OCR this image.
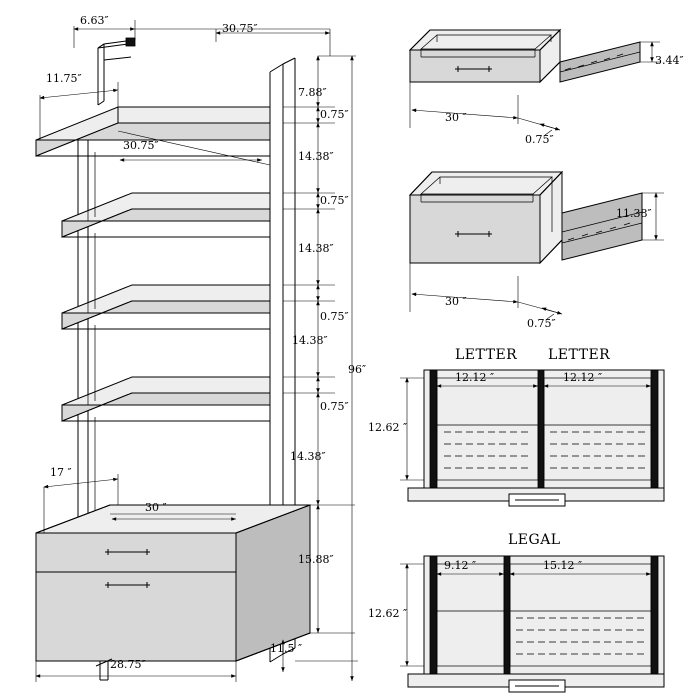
6.63″
30.75″
11.75″
30.75″
7.88″
0.75″
14.38″
0.75″
14.38″
0.75″
14.38″
0.75″
14.38″
96″
17 ″
30 ″
15.88″
11.5 ″
28.75″
3.44″
30 ″
0.75″
11.38″
30 ″
0.75″
LETTER LETTER
12.12 ″	12.12 ″
12.62 ″
LEGAL
9.12 ″	15.12 ″
12.62 ″
